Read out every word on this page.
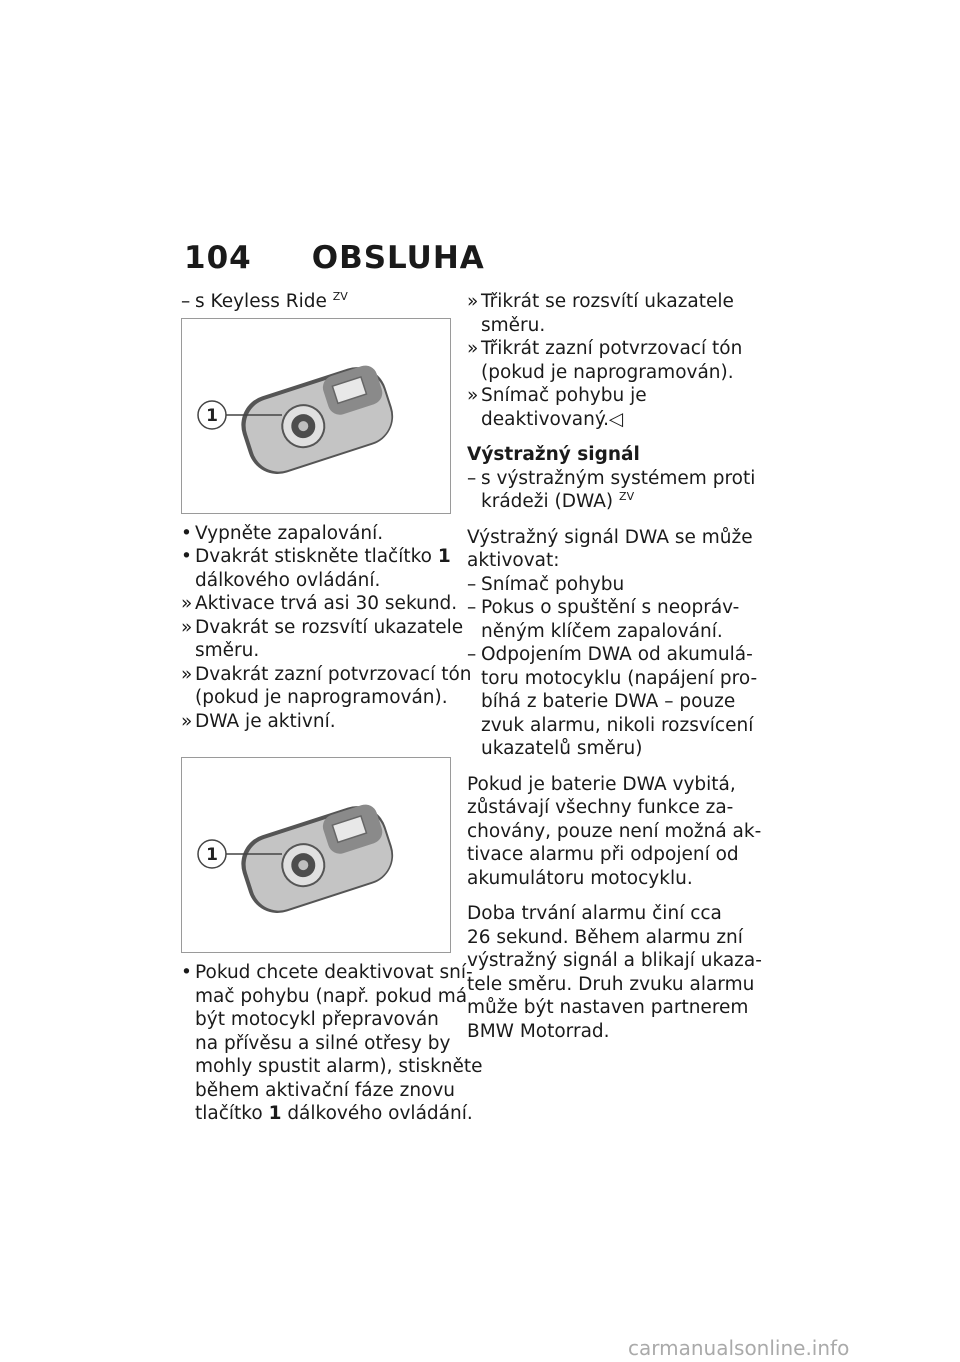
104 OBSLUHA
– s Keyless Ride $^{ZV}$
1
• Vypněte zapalování.
• Dvakrát stiskněte tlačítko 1
dálkového ovládání.
» Aktivace trvá asi 30 sekund.
» Dvakrát se rozsvítí ukazatele
směru.
» Dvakrát zazní potvrzovací tón
(pokud je naprogramován).
» DWA je aktivní.
1
• Pokud chcete deaktivovat sní-
mač pohybu (např. pokud má
být motocykl přepravován
na přívěsu a silné otřesy by
mohly spustit alarm), stiskněte
během aktivační fáze znovu
tlačítko 1 dálkového ovládání.
» Třikrát se rozsvítí ukazatele
směru.
» Třikrát zazní potvrzovací tón
(pokud je naprogramován).
» Snímač pohybu je
deaktivovaný.◁
Výstražný signál
– s výstražným systémem proti
krádeži (DWA) $^{ZV}$
Výstražný signál DWA se může
aktivovat:
– Snímač pohybu
– Pokus o spuštění s neopráv-
něným klíčem zapalování.
– Odpojením DWA od akumulá-
toru motocyklu (napájení pro-
bíhá z baterie DWA – pouze
zvuk alarmu, nikoli rozsvícení
ukazatelů směru)
Pokud je baterie DWA vybitá,
zůstávají všechny funkce za-
chovány, pouze není možná ak-
tivace alarmu při odpojení od
akumulátoru motocyklu.
Doba trvání alarmu činí cca
26 sekund. Během alarmu zní
výstražný signál a blikají ukaza-
tele směru. Druh zvuku alarmu
může být nastaven partnerem
BMW Motorrad.
carmanualsonline.info
